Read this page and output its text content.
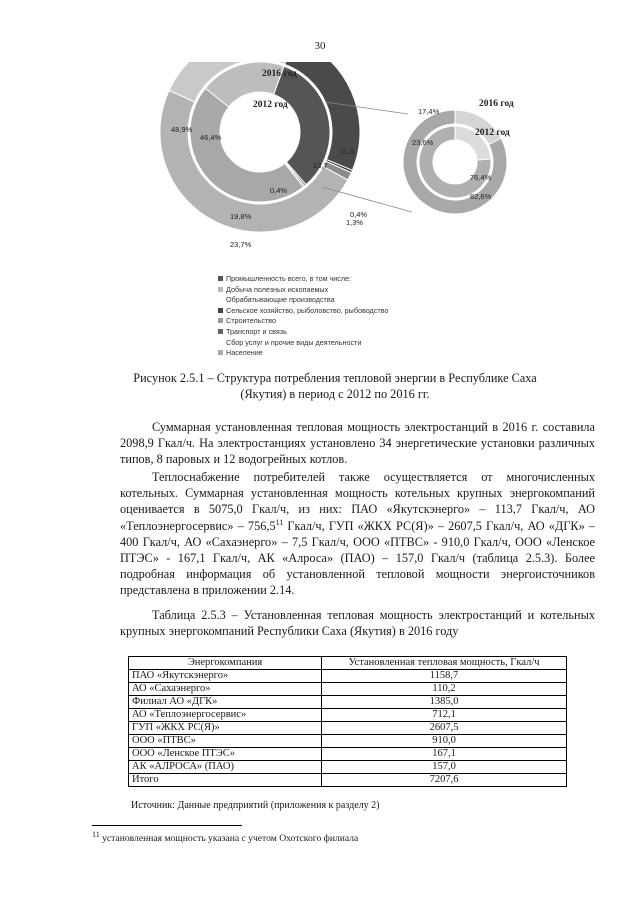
30
2016 год
2012 год
48,9%
46,4%
19,8%
23,7%
0,4%
0,4%
1,3%
13,7
11,8
2016 год
2012 год
17,4%
23,6%
76,4%
82,6%
Промышленность всего, в том числе:
Добыча полезных ископаемых
Обрабатывающие производства
Сельское хозяйство, рыболовство, рыбоводство
Строительство
Транспорт и связь
Сбор услуг и прочие виды деятельности
Население
Рисунок 2.5.1 – Структура потребления тепловой энергии в Республике Саха
(Якутия) в период с 2012 по 2016 гг.
Суммарная установленная тепловая мощность электростанций в 2016 г. составила 2098,9 Гкал/ч. На электростанциях установлено 34 энергетические установки различных типов, 8 паровых и 12 водогрейных котлов.
Теплоснабжение потребителей также осуществляется от многочисленных котельных. Суммарная установленная мощность котельных крупных энергокомпаний оценивается в 5075,0 Гкал/ч, из них: ПАО «Якутскэнерго» – 113,7 Гкал/ч, АО «Теплоэнергосервис» – 756,5$^{11}$ Гкал/ч, ГУП «ЖКХ РС(Я)» – 2607,5 Гкал/ч, АО «ДГК» – 400 Гкал/ч, АО «Сахаэнерго» – 7,5 Гкал/ч, ООО «ПТВС» - 910,0 Гкал/ч, ООО «Ленское ПТЭС» - 167,1 Гкал/ч, АК «Алроса» (ПАО) – 157,0 Гкал/ч (таблица 2.5.3). Более подробная информация об установленной тепловой мощности энергоисточников представлена в приложении 2.14.
Таблица 2.5.3 – Установленная тепловая мощность электростанций и котельных крупных энергокомпаний Республики Саха (Якутия) в 2016 году
Энергокомпания	Установленная тепловая мощность, Гкал/ч
ПАО «Якутскэнерго»	1158,7
АО «Сахаэнерго»	110,2
Филиал АО «ДГК»	1385,0
АО «Теплоэнергосервис»	712,1
ГУП «ЖКХ РС(Я)»	2607,5
ООО «ПТВС»	910,0
ООО «Ленское ПТЭС»	167,1
АК «АЛРОСА» (ПАО)	157,0
Итого	7207,6
Источник: Данные предприятий (приложения к разделу 2)
$^{11}$ установленная мощность указана с учетом Охотского филиала
